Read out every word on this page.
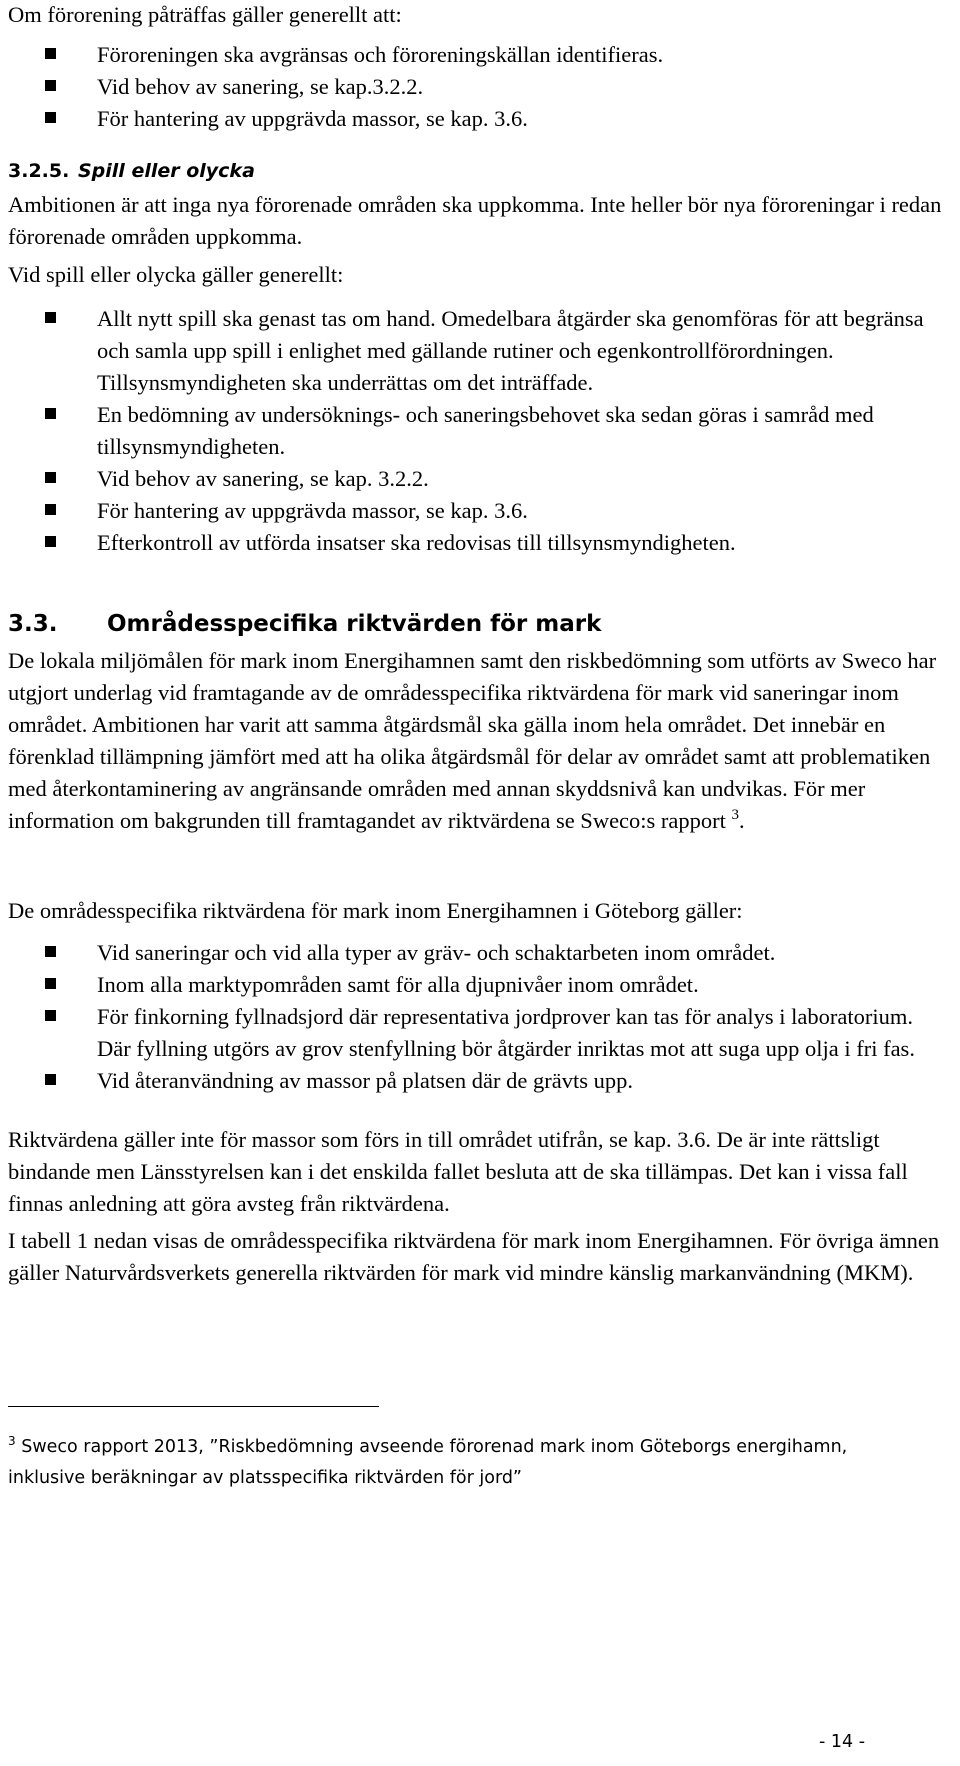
Om förorening påträffas gäller generellt att:

Föroreningen ska avgränsas och föroreningskällan identifieras.
Vid behov av sanering, se kap.3.2.2.
För hantering av uppgrävda massor, se kap. 3.6.
3.2.5. Spill eller olycka

Ambitionen är att inga nya förorenade områden ska uppkomma. Inte heller bör nya föroreningar i redan förorenade områden uppkomma.

Vid spill eller olycka gäller generellt:

Allt nytt spill ska genast tas om hand. Omedelbara åtgärder ska genomföras för att begränsa och samla upp spill i enlighet med gällande rutiner och egenkontrollförordningen. Tillsynsmyndigheten ska underrättas om det inträffade.
En bedömning av undersöknings- och saneringsbehovet ska sedan göras i samråd med tillsynsmyndigheten.
Vid behov av sanering, se kap. 3.2.2.
För hantering av uppgrävda massor, se kap. 3.6.
Efterkontroll av utförda insatser ska redovisas till tillsynsmyndigheten.
3.3. Områdesspecifika riktvärden för mark

De lokala miljömålen för mark inom Energihamnen samt den riskbedömning som utförts av Sweco har utgjort underlag vid framtagande av de områdesspecifika riktvärdena för mark vid saneringar inom området. Ambitionen har varit att samma åtgärdsmål ska gälla inom hela området. Det innebär en förenklad tillämpning jämfört med att ha olika åtgärdsmål för delar av området samt att problematiken med återkontaminering av angränsande områden med annan skyddsnivå kan undvikas. För mer information om bakgrunden till framtagandet av riktvärdena se Sweco:s rapport $^3$.

De områdesspecifika riktvärdena för mark inom Energihamnen i Göteborg gäller:

Vid saneringar och vid alla typer av gräv- och schaktarbeten inom området.
Inom alla marktypområden samt för alla djupnivåer inom området.
För finkorning fyllnadsjord där representativa jordprover kan tas för analys i laboratorium. Där fyllning utgörs av grov stenfyllning bör åtgärder inriktas mot att suga upp olja i fri fas.
Vid återanvändning av massor på platsen där de grävts upp.

Riktvärdena gäller inte för massor som förs in till området utifrån, se kap. 3.6. De är inte rättsligt bindande men Länsstyrelsen kan i det enskilda fallet besluta att de ska tillämpas. Det kan i vissa fall finnas anledning att göra avsteg från riktvärdena.

I tabell 1 nedan visas de områdesspecifika riktvärdena för mark inom Energihamnen. För övriga ämnen gäller Naturvårdsverkets generella riktvärden för mark vid mindre känslig markanvändning (MKM).

$^3$ Sweco rapport 2013, ”Riskbedömning avseende förorenad mark inom Göteborgs energihamn, inklusive beräkningar av platsspecifika riktvärden för jord”

- 14 -
